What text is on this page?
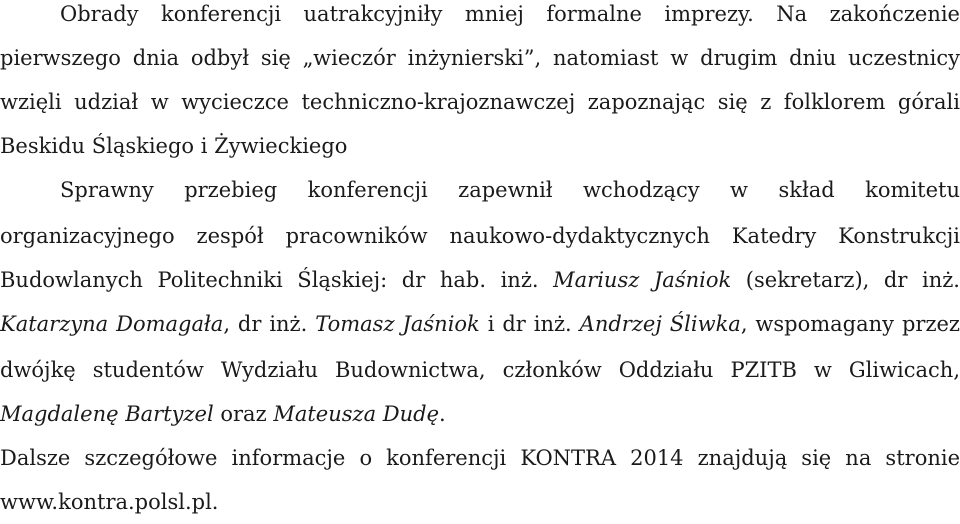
Obrady konferencji uatrakcyjniły mniej formalne imprezy. Na zakończenie
pierwszego dnia odbył się „wieczór inżynierski”, natomiast w drugim dniu uczestnicy
wzięli udział w wycieczce techniczno-krajoznawczej zapoznając się z folklorem górali
Beskidu Śląskiego i Żywieckiego
Sprawny przebieg konferencji zapewnił wchodzący w skład komitetu
organizacyjnego zespół pracowników naukowo-dydaktycznych Katedry Konstrukcji
Budowlanych Politechniki Śląskiej: dr hab. inż. Mariusz Jaśniok (sekretarz), dr inż.
Katarzyna Domagała, dr inż. Tomasz Jaśniok i dr inż. Andrzej Śliwka, wspomagany przez
dwójkę studentów Wydziału Budownictwa, członków Oddziału PZITB w Gliwicach,
Magdalenę Bartyzel oraz Mateusza Dudę.
Dalsze szczegółowe informacje o konferencji KONTRA 2014 znajdują się na stronie
www.kontra.polsl.pl.
